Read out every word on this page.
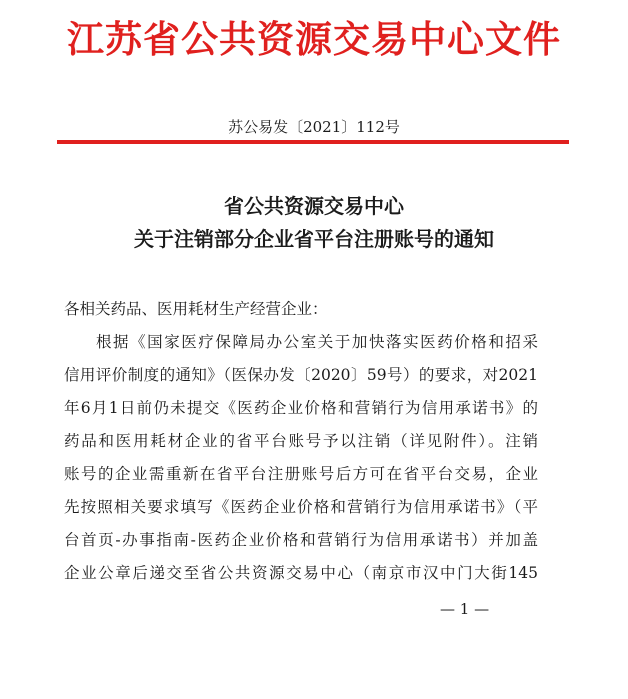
江苏省公共资源交易中心文件
苏公易发〔2021〕112号
省公共资源交易中心
关于注销部分企业省平台注册账号的通知
各相关药品、医用耗材生产经营企业：
根据《国家医疗保障局办公室关于加快落实医药价格和招采
信用评价制度的通知》（医保办发〔2020〕59号）的要求，对2021
年6月1日前仍未提交《医药企业价格和营销行为信用承诺书》的
药品和医用耗材企业的省平台账号予以注销（详见附件）。注销
账号的企业需重新在省平台注册账号后方可在省平台交易，企业
先按照相关要求填写《医药企业价格和营销行为信用承诺书》（平
台首页-办事指南-医药企业价格和营销行为信用承诺书）并加盖
企业公章后递交至省公共资源交易中心（南京市汉中门大街145
— 1 —
